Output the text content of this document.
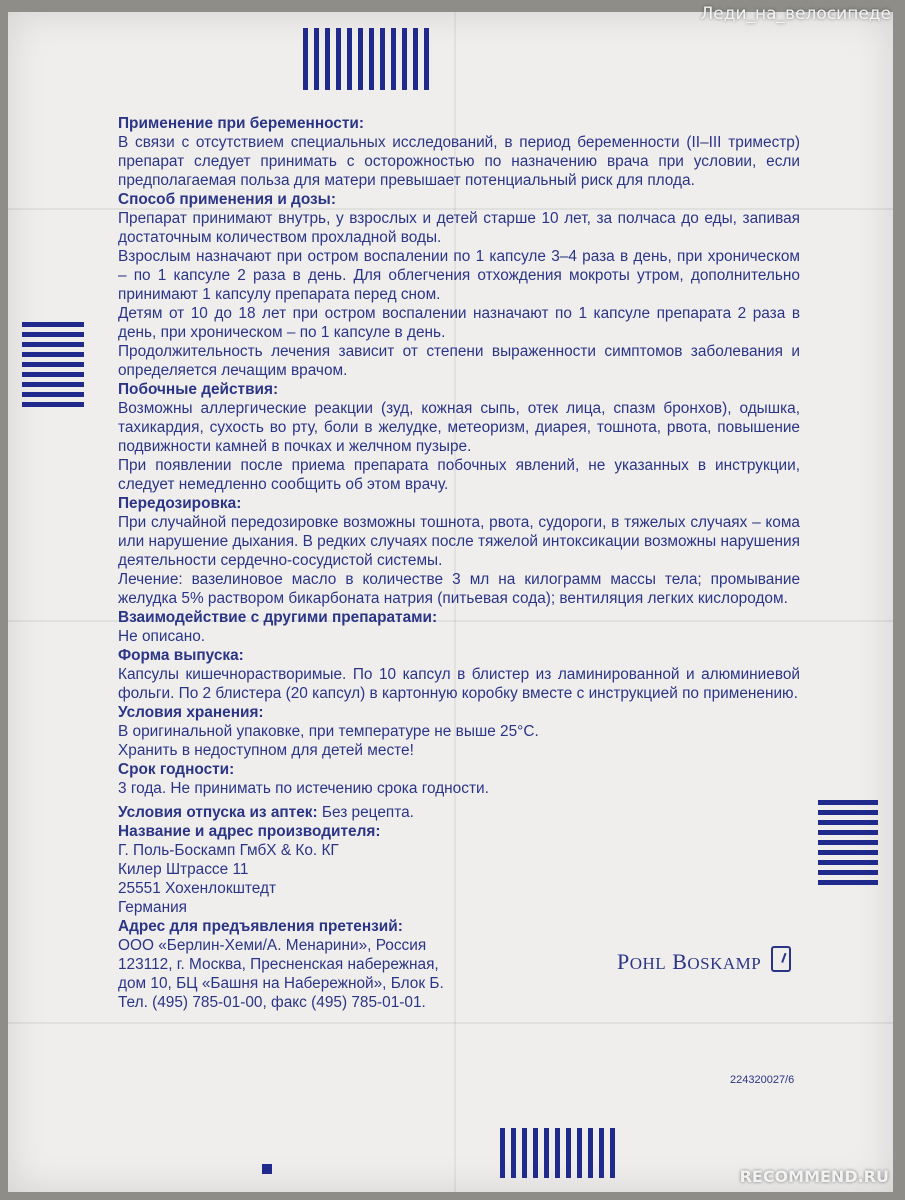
Леди_на_велосипеде
Применение при беременности:
В связи с отсутствием специальных исследований, в период беременности (II–III триместр) препарат следует принимать с осторожностью по назначению врача при условии, если предполагаемая польза для матери превышает потенциальный риск для плода.
Способ применения и дозы:
Препарат принимают внутрь, у взрослых и детей старше 10 лет, за полчаса до еды, запивая достаточным количеством прохладной воды.
Взрослым назначают при остром воспалении по 1 капсуле 3–4 раза в день, при хроническом – по 1 капсуле 2 раза в день. Для облегчения отхождения мокроты утром, дополнительно принимают 1 капсулу препарата перед сном.
Детям от 10 до 18 лет при остром воспалении назначают по 1 капсуле препарата 2 раза в день, при хроническом – по 1 капсуле в день.
Продолжительность лечения зависит от степени выраженности симптомов заболевания и определяется лечащим врачом.
Побочные действия:
Возможны аллергические реакции (зуд, кожная сыпь, отек лица, спазм бронхов), одышка, тахикардия, сухость во рту, боли в желудке, метеоризм, диарея, тошнота, рвота, повышение подвижности камней в почках и желчном пузыре.
При появлении после приема препарата побочных явлений, не указанных в инструкции, следует немедленно сообщить об этом врачу.
Передозировка:
При случайной передозировке возможны тошнота, рвота, судороги, в тяжелых случаях – кома или нарушение дыхания. В редких случаях после тяжелой интоксикации возможны нарушения деятельности сердечно-сосудистой системы.
Лечение: вазелиновое масло в количестве 3 мл на килограмм массы тела; промывание желудка 5% раствором бикарбоната натрия (питьевая сода); вентиляция легких кислородом.
Взаимодействие с другими препаратами:
Не описано.
Форма выпуска:
Капсулы кишечнорастворимые. По 10 капсул в блистер из ламинированной и алюминиевой фольги. По 2 блистера (20 капсул) в картонную коробку вместе с инструкцией по применению.
Условия хранения:
В оригинальной упаковке, при температуре не выше 25°С.
Хранить в недоступном для детей месте!
Срок годности:
3 года. Не принимать по истечению срока годности.
Условия отпуска из аптек: Без рецепта.
Название и адрес производителя:
Г. Поль-Боскамп ГмбХ & Ко. КГ
Килер Штрассе 11
25551 Хохенлокштедт
Германия
Адрес для предъявления претензий:
ООО «Берлин-Хеми/А. Менарини», Россия
123112, г. Москва, Пресненская набережная,
дом 10, БЦ «Башня на Набережной», Блок Б.
Тел. (495) 785-01-00, факс (495) 785-01-01.
POHL BOSKAMP
224320027/6
RECOMMEND.RU
